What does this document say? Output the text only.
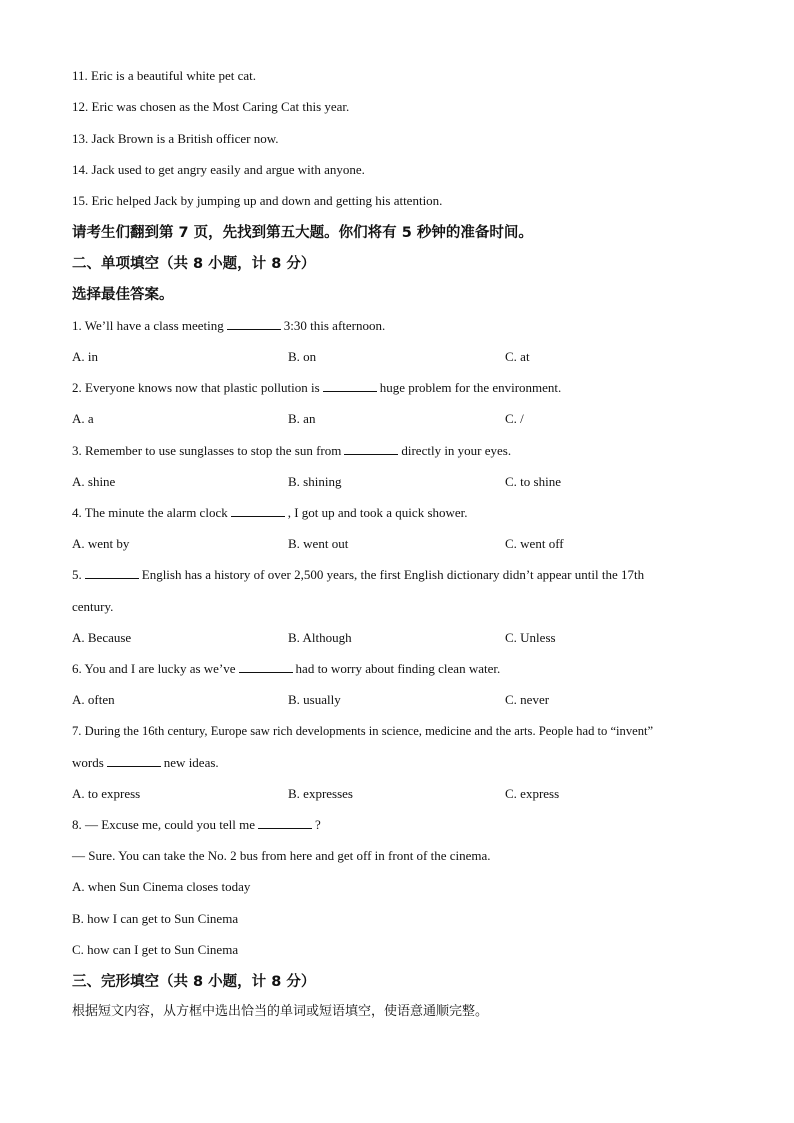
11. Eric is a beautiful white pet cat.
12. Eric was chosen as the Most Caring Cat this year.
13. Jack Brown is a British officer now.
14. Jack used to get angry easily and argue with anyone.
15. Eric helped Jack by jumping up and down and getting his attention.
请考生们翻到第 7 页，先找到第五大题。你们将有 5 秒钟的准备时间。
二、单项填空（共 8 小题，计 8 分）
选择最佳答案。
1. We’ll have a class meeting	3:30 this afternoon.
A. in	B. on	C. at
2. Everyone knows now that plastic pollution is	huge problem for the environment.
A. a	B. an	C. /
3. Remember to use sunglasses to stop the sun from	directly in your eyes.
A. shine	B. shining	C. to shine
4. The minute the alarm clock	, I got up and took a quick shower.
A. went by	B. went out	C. went off
5.	English has a history of over 2,500 years, the first English dictionary didn’t appear until the 17th
century.
A. Because	B. Although	C. Unless
6. You and I are lucky as we’ve	had to worry about finding clean water.
A. often	B. usually	C. never
7. During the 16th century, Europe saw rich developments in science, medicine and the arts. People had to “invent”
words	new ideas.
A. to express	B. expresses	C. express
8. — Excuse me, could you tell me	?
— Sure. You can take the No. 2 bus from here and get off in front of the cinema.
A. when Sun Cinema closes today
B. how I can get to Sun Cinema
C. how can I get to Sun Cinema
三、完形填空（共 8 小题，计 8 分）
根据短文内容，从方框中选出恰当的单词或短语填空，使语意通顺完整。
